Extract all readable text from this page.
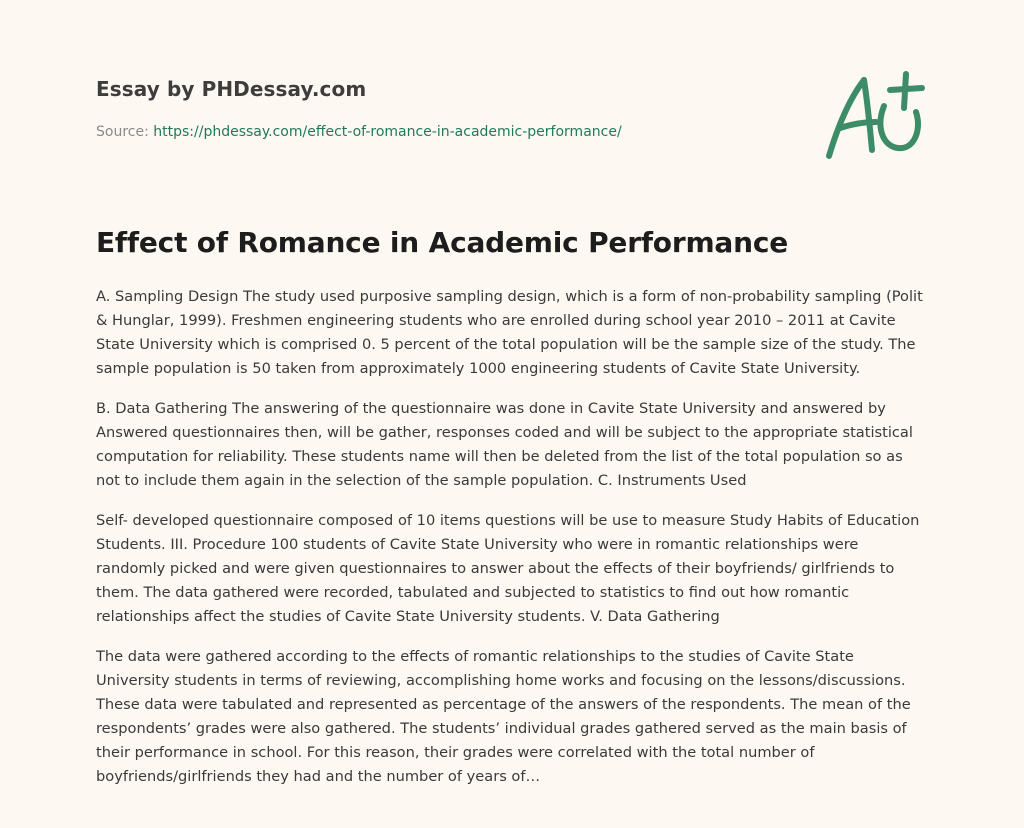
Essay by PHDessay.com
Source: https://phdessay.com/effect-of-romance-in-academic-performance/
Effect of Romance in Academic Performance

A. Sampling Design The study used purposive sampling design, which is a form of non-probability sampling (Polit & Hunglar, 1999). Freshmen engineering students who are enrolled during school year 2010 – 2011 at Cavite State University which is comprised 0. 5 percent of the total population will be the sample size of the study. The sample population is 50 taken from approximately 1000 engineering students of Cavite State University.

B. Data Gathering The answering of the questionnaire was done in Cavite State University and answered by Answered questionnaires then, will be gather, responses coded and will be subject to the appropriate statistical computation for reliability. These students name will then be deleted from the list of the total population so as not to include them again in the selection of the sample population. C. Instruments Used

Self- developed questionnaire composed of 10 items questions will be use to measure Study Habits of Education Students. III. Procedure 100 students of Cavite State University who were in romantic relationships were randomly picked and were given questionnaires to answer about the effects of their boyfriends/ girlfriends to them. The data gathered were recorded, tabulated and subjected to statistics to find out how romantic relationships affect the studies of Cavite State University students. V. Data Gathering

The data were gathered according to the effects of romantic relationships to the studies of Cavite State University students in terms of reviewing, accomplishing home works and focusing on the lessons/discussions. These data were tabulated and represented as percentage of the answers of the respondents. The mean of the respondents’ grades were also gathered. The students’ individual grades gathered served as the main basis of their performance in school. For this reason, their grades were correlated with the total number of boyfriends/girlfriends they had and the number of years of…
